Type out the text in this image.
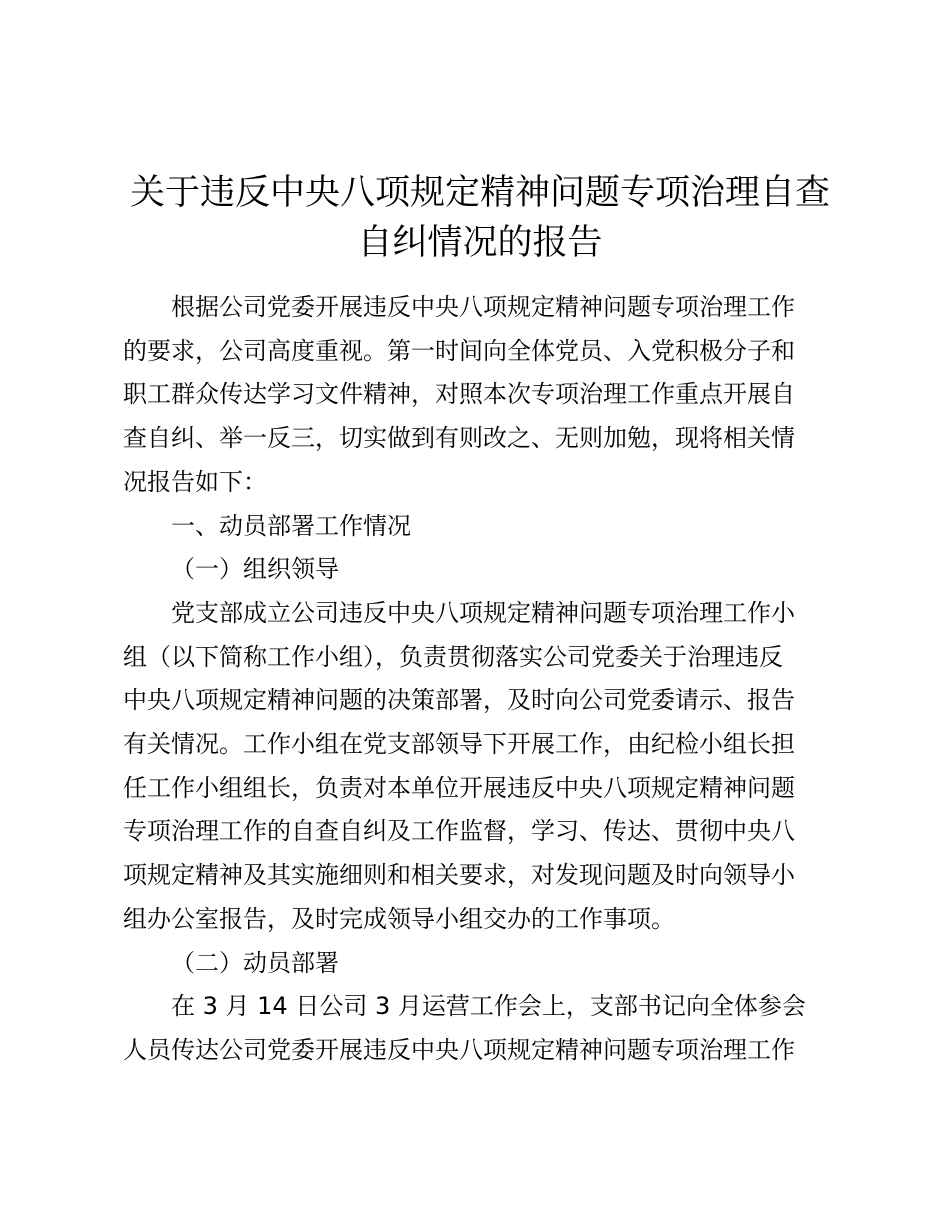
关于违反中央八项规定精神问题专项治理自查
自纠情况的报告

根据公司党委开展违反中央八项规定精神问题专项治理工作
的要求，公司高度重视。第一时间向全体党员、入党积极分子和
职工群众传达学习文件精神，对照本次专项治理工作重点开展自
查自纠、举一反三，切实做到有则改之、无则加勉，现将相关情
况报告如下：

一、动员部署工作情况

（一）组织领导

党支部成立公司违反中央八项规定精神问题专项治理工作小
组（以下简称工作小组），负责贯彻落实公司党委关于治理违反
中央八项规定精神问题的决策部署，及时向公司党委请示、报告
有关情况。工作小组在党支部领导下开展工作，由纪检小组长担
任工作小组组长，负责对本单位开展违反中央八项规定精神问题
专项治理工作的自查自纠及工作监督，学习、传达、贯彻中央八
项规定精神及其实施细则和相关要求，对发现问题及时向领导小
组办公室报告，及时完成领导小组交办的工作事项。

（二）动员部署

在 3 月 14 日公司 3 月运营工作会上，支部书记向全体参会
人员传达公司党委开展违反中央八项规定精神问题专项治理工作
